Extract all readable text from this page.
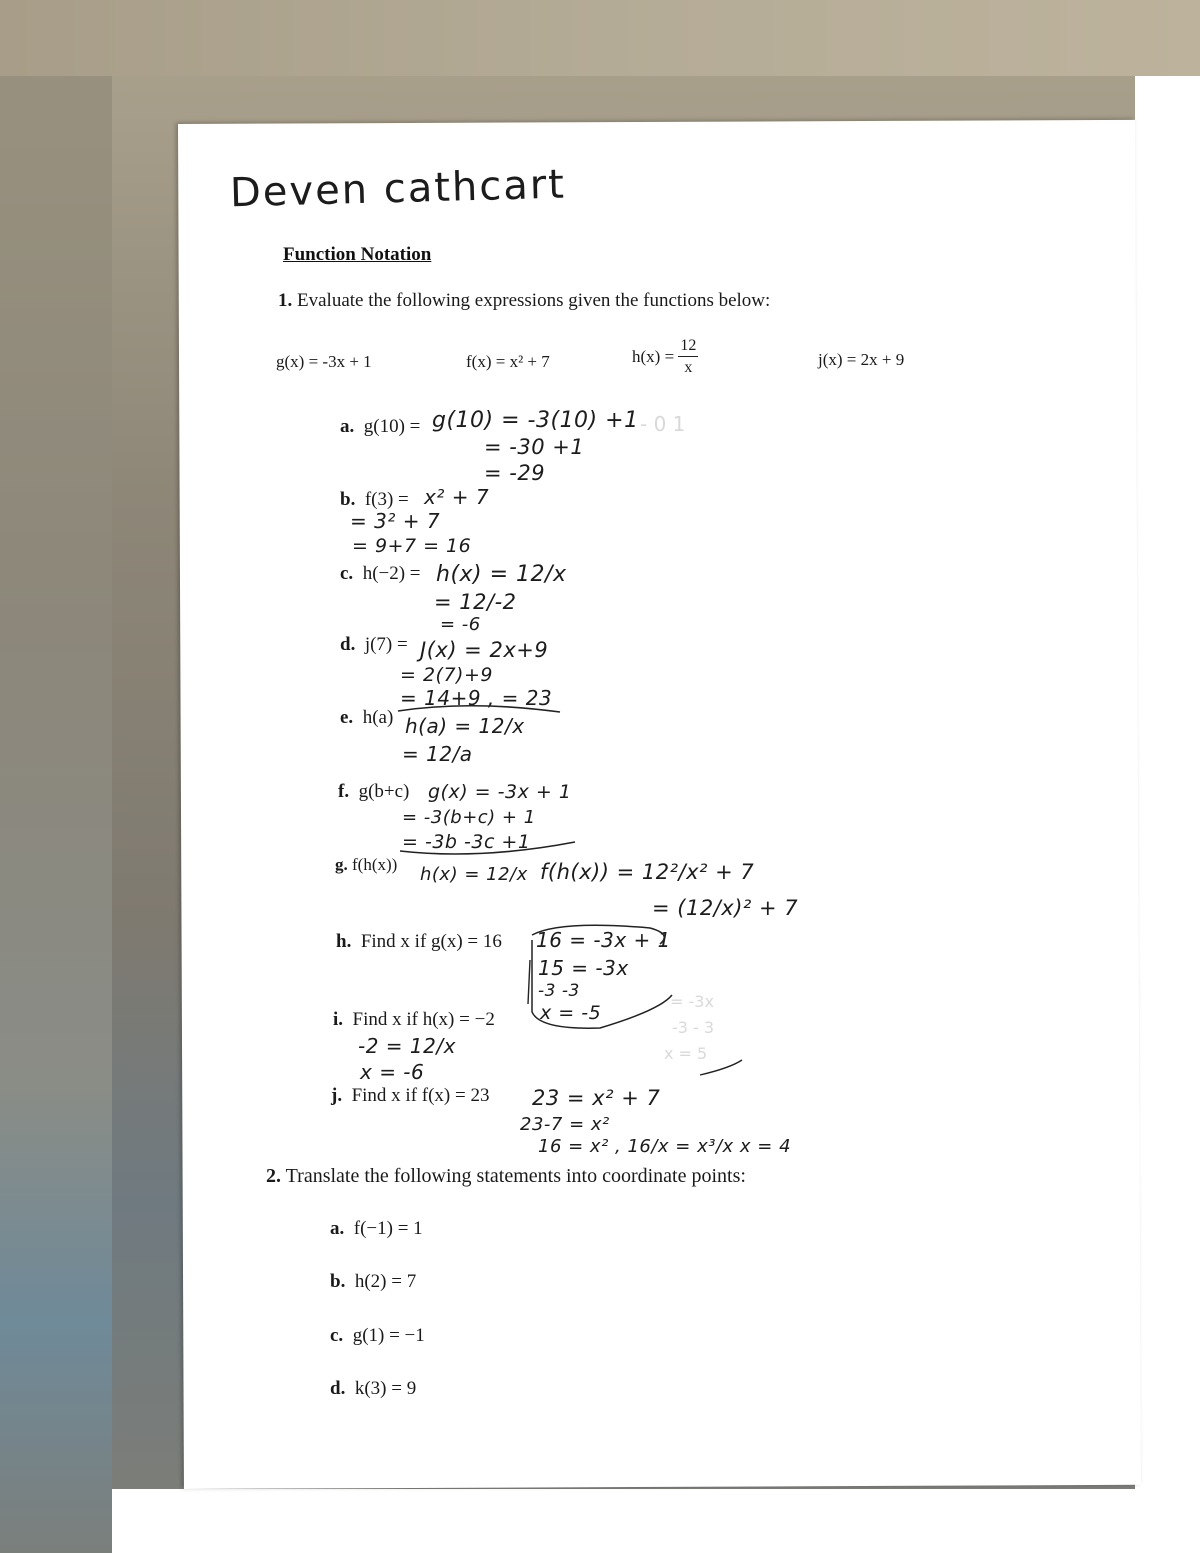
Deven cathcart
Function Notation
1. Evaluate the following expressions given the functions below:
g(x) = -3x + 1	f(x) = x² + 7	$h(x) = \frac{12}{x}$	j(x) = 2x + 9
a. g(10) =
b. f(3) =
c. h(−2) =
d. j(7) =
e. h(a)
f. g(b+c)
g. f(h(x))
h. Find x if g(x) = 16
i. Find x if h(x) = −2
j. Find x if f(x) = 23
g(10) = -3(10) +1
= -30 +1
= -29
- 0 1
x² + 7
= 3² + 7
= 9+7 = 16
h(x) = 12/x
= 12/-2
= -6
J(x) = 2x+9
= 2(7)+9
= 14+9 , = 23
h(a) = 12/x
= 12/a
g(x) = -3x + 1
= -3(b+c) + 1
= -3b -3c +1
h(x) = 12/x f(h(x)) = 12²/x² + 7
= (12/x)² + 7
16 = -3x + 1
15 = -3x
-3 -3
x = -5
= -3x
-3 - 3
x = 5
-2 = 12/x
x = -6
23 = x² + 7
23-7 = x²
16 = x² , 16/x = x³/x x = 4
2. Translate the following statements into coordinate points:
a. f(−1) = 1
b. h(2) = 7
c. g(1) = −1
d. k(3) = 9
